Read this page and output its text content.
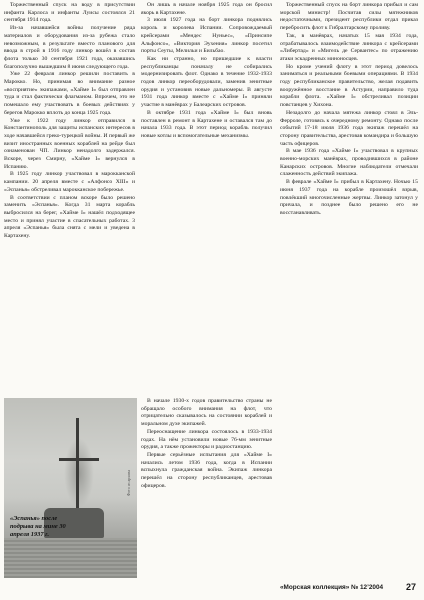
Торжественный спуск на воду в присутствии инфанта Карлоса и инфанты Луисы состоялся 21 сентября 1914 года.

Из-за начавшейся войны получение ряда материалов и оборудования из-за рубежа стало невозможным, в результате вместо планового для ввода в строй в 1916 году линкор вошёл в состав флота только 30 сентября 1921 года, оказавшись благополучно вышедшим 8 июня следующего года.

Уже 22 февраля линкор решили поставить в Марокко. Но, принимая во внимание разное «восприятие» экипажами, «Хайме I» был отправлен туда и стал фактически флагманом. Впрочем, это не помешало ему участвовать в боевых действиях у берегов Марокко вплоть до конца 1925 года.

Уже к 1922 году линкор отправился в Константинополь для защиты испанских интересов в ходе начавшейся греко-турецкой войны. И первый же визит иностранных военных кораблей на рейде был ознаменован ЧП. Линкор ненадолго задержался. Вскоре, через Смирну, «Хайме I» вернулся в Испанию.

В 1925 году линкор участвовал в марокканской кампании. 20 апреля вместе с «Алфонсо XIII» и «Эспанья» обстреливал марокканское побережье.

В соответствии с планом вскоре было решено заменить «Эспанья». Когда 31 марта корабль выбросился на берег, «Хайме I» нашёл подходящее место и принял участие в спасательных работах. 3 апреля «Эспанья» была снята с мели и уведена в Картахену.

Он лишь в начале ноября 1925 года он бросил якорь в Картахене.

3 июля 1927 года на борт линкора поднялись король и королева Испании. Сопровождаемый крейсерами «Мендес Нуньес», «Принсипе Альфонсо», «Виктория Эухения» линкор посетил порты Сеуты, Мелильи и Бильбао.

Как ни странно, но пришедшие к власти республиканцы поначалу не собирались модернизировать флот. Однако в течение 1932-1933 годов линкор переоборудовали, заменив зенитные орудия и установив новые дальномеры. В августе 1931 года линкор вместе с «Хайме I» приняли участие в манёврах у Балеарских островов.

В октябре 1931 года «Хайме I» был вновь поставлен в ремонт в Картахене и оставался там до начала 1933 года. В этот период корабль получил новые котлы и вспомогательные механизмы.

В начале 1930-х годов правительство страны не обращало особого внимания на флот, что отрицательно сказывалось на состоянии кораблей и моральном духе экипажей.

Переоснащение линкора состоялось в 1933-1934 годах. На нём установили новые 76-мм зенитные орудия, а также прожекторы и радиостанцию.

Первые серьёзные испытания для «Хайме I» начались летом 1936 года, когда в Испании вспыхнула гражданская война. Экипаж линкора перешёл на сторону республиканцев, арестовав офицеров.

Торжественный спуск на борт линкора прибыл и сам морской министр! Посчитав силы мятежников недостаточными, президент республики отдал приказ перебросить флот к Гибралтарскому проливу.

Так, в манёврах, начатых 15 мая 1934 года, отрабатывалось взаимодействие линкора с крейсерами «Либертад» и «Мигель де Сервантес» по отражению атаки эскадренных миноносцев.

Но кроме учений флоту в этот период довелось заниматься и реальными боевыми операциями. В 1934 году республиканское правительство, желая подавить вооружённое восстание в Астурии, направило туда корабли флота. «Хайме I» обстреливал позиции повстанцев у Хихона.

Незадолго до начала мятежа линкор стоял в Эль-Ферроле, готовясь к очередному ремонту. Однако после событий 17-18 июля 1936 года экипаж перешёл на сторону правительства, арестовав командира и большую часть офицеров.

В мае 1936 года «Хайме I» участвовал в крупных военно-морских манёврах, проводившихся в районе Канарских островов. Многие наблюдатели отмечали слаженность действий экипажа.

В феврале «Хайме I» прибыл в Картахену. Ночью 15 июня 1937 года на корабле произошёл взрыв, повлёкший многочисленные жертвы. Линкор затонул у причала, и позднее было решено его не восстанавливать.

«Эспанья» после подрыва на мине 30 апреля 1937 г.
Фото из архива
«Морская коллекция» № 12’2004	27
